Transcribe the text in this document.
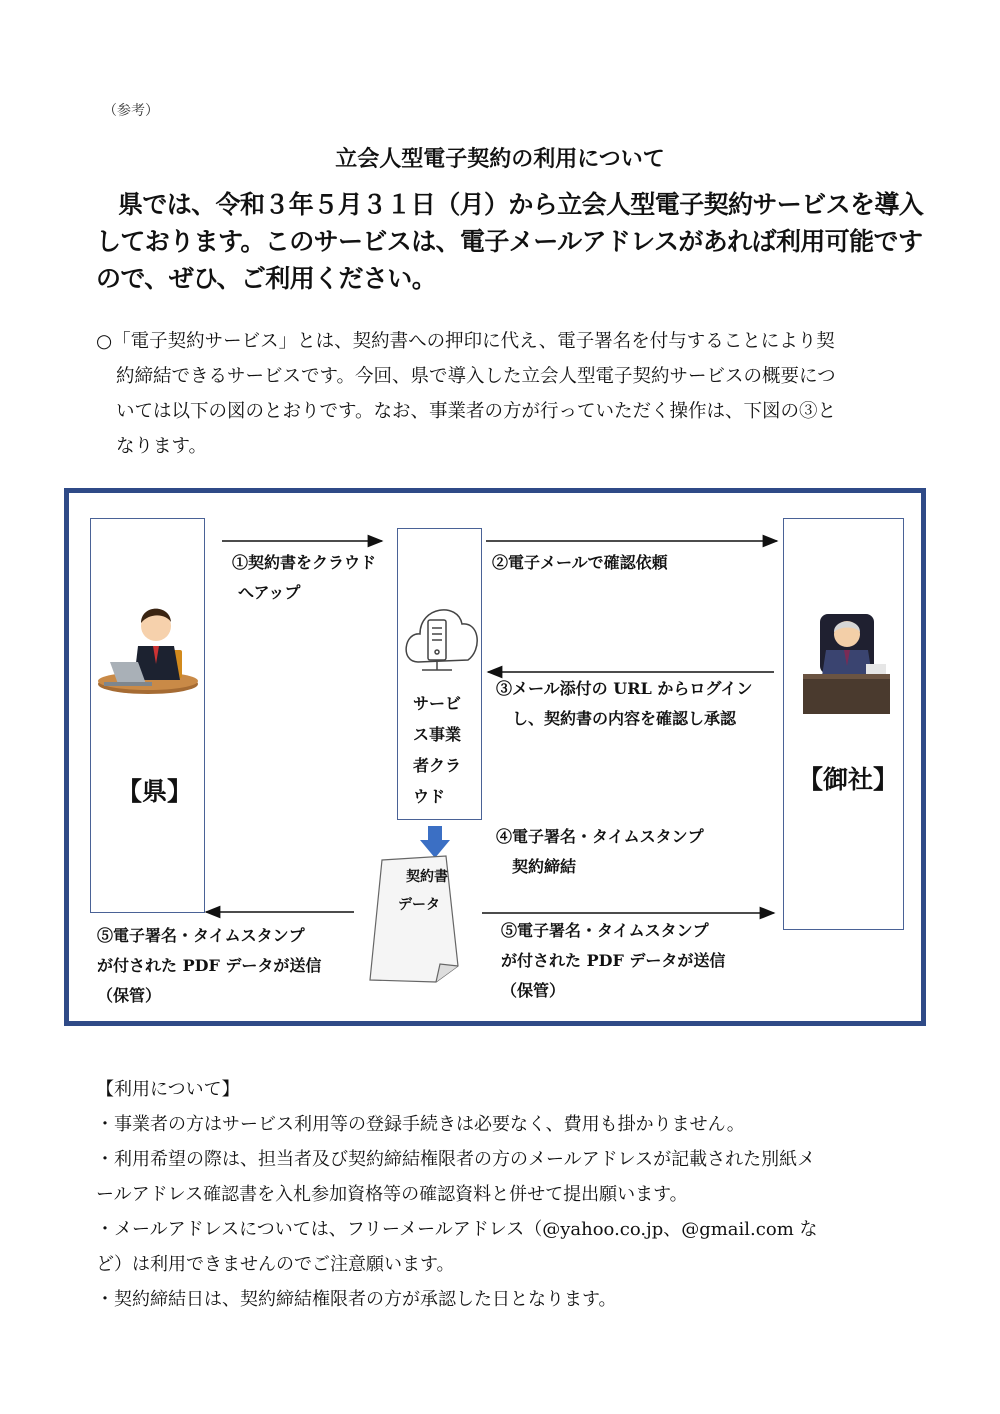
（参考）
立会人型電子契約の利用について

県では、令和３年５月３１日（月）から立会人型電子契約サービスを導入

しております。このサービスは、電子メールアドレスがあれば利用可能です

ので、ぜひ、ご利用ください。

○「電子契約サービス」とは、契約書への押印に代え、電子署名を付与することにより契

約締結できるサービスです。今回、県で導入した立会人型電子契約サービスの概要につ

いては以下の図のとおりです。なお、事業者の方が行っていただく操作は、下図の③と

なります。

【県】	【御社】
サービ
ス事業
者クラ
ウド
①契約書をクラウド
へアップ
②電子メールで確認依頼
③メール添付の URL からログイン
し、契約書の内容を確認し承認
④電子署名・タイムスタンプ
契約締結
契約書
データ
⑤電子署名・タイムスタンプ
が付された PDF データが送信
（保管）
⑤電子署名・タイムスタンプ
が付された PDF データが送信
（保管）

【利用について】

・事業者の方はサービス利用等の登録手続きは必要なく、費用も掛かりません。

・利用希望の際は、担当者及び契約締結権限者の方のメールアドレスが記載された別紙メ

ールアドレス確認書を入札参加資格等の確認資料と併せて提出願います。

・メールアドレスについては、フリーメールアドレス（@yahoo.co.jp、@gmail.com な

ど）は利用できませんのでご注意願います。

・契約締結日は、契約締結権限者の方が承認した日となります。
